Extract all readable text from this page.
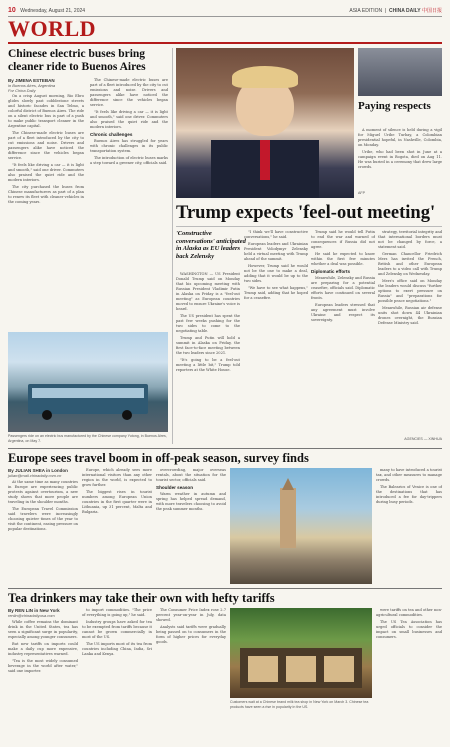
10 Wednesday, August 21, 2024	ASIA EDITION  |  CHINA DAILY 中国日报
WORLD
Chinese electric buses bring cleaner ride to Buenos Aires
By JIMENA ESTEBAN
in Buenos Aires, Argentina
For China Daily

On a crisp August morning, Rio Ebro glides slowly past cobblestone streets and historic facades in San Telmo, a colorful district of Buenos Aires. The ride on a silent electric bus is part of a push to make public transport cleaner in the Argentine capital.

The Chinese-made electric buses are part of a fleet introduced by the city to cut emissions and noise. Drivers and passengers alike have noticed the difference since the vehicles began service.

"It feels like driving a car — it is light and smooth," said one driver. Commuters also praised the quiet ride and the modern interiors.

The city purchased the buses from Chinese manufacturers as part of a plan to renew its fleet with cleaner vehicles in the coming years.

The Chinese-made electric buses are part of a fleet introduced by the city to cut emissions and noise. Drivers and passengers alike have noticed the difference since the vehicles began service.

"It feels like driving a car — it is light and smooth," said one driver. Commuters also praised the quiet ride and the modern interiors.

Chronic challenges

Buenos Aires has struggled for years with chronic challenges in its public transportation system.

The introduction of electric buses marks a step toward a greener city, officials said.

Passengers ride on an electric bus manufactured by the Chinese company Yutong, in Buenos Aires, Argentina, on May 7.
Paying respects

A moment of silence is held during a vigil for Miguel Uribe Turbay, a Colombian presidential hopeful, in Nashville, Colombia, on Monday.

Uribe, who had been shot in June at a campaign event in Bogota, died on Aug 11. He was buried in a ceremony that drew large crowds.

AFP
Trump expects 'feel-out meeting'
'Constructive conversations' anticipated in Alaska as EU leaders back Zelensky

WASHINGTON — US President Donald Trump said on Monday that his upcoming meeting with Russian President Vladimir Putin in Alaska on Friday is a "feel-out meeting" as European countries moved to ensure Ukraine's voice is heard.

The US president has spent the past few weeks pushing for the two sides to come to the negotiating table.

Trump and Putin will hold a summit in Alaska on Friday, the first face-to-face meeting between the two leaders since 2021.

"It's going to be a feel-out meeting a little bit," Trump told reporters at the White House.

"I think we'll have constructive conversations," he said.

European leaders and Ukrainian President Volodymyr Zelensky held a virtual meeting with Trump ahead of the summit.

However, Trump said he would not be the one to make a deal, adding that it would be up to the two sides.

"We have to see what happens," Trump said, adding that he hoped for a ceasefire.

Trump said he would tell Putin to end the war and warned of consequences if Russia did not agree.

He said he expected to know within the first few minutes whether a deal was possible.

Diplomatic efforts

Meanwhile, Zelensky and Russia are preparing for a potential ceasefire, officials said. Diplomatic efforts have continued on several fronts.

European leaders stressed that any agreement must involve Ukraine and respect its sovereignty.

strategy, territorial integrity and that international borders must not be changed by force, a statement said.

German Chancellor Friedrich Merz has invited the French, British and other European leaders to a video call with Trump and Zelensky on Wednesday.

Merz's office said on Monday the leaders would discuss "further options to exert pressure on Russia" and "preparations for possible peace negotiations."

Meanwhile, Russian air defense units shot down 44 Ukrainian drones overnight, the Russian Defense Ministry said.

AGENCIES — XINHUA
Europe sees travel boom in off-peak season, survey finds
By JULIAN SHEA in London
julian@mail.chinadaily.com.cn

At the same time as many countries in Europe are experiencing public protests against overtourism, a new study shows that more people are traveling in the shoulder months.

The European Travel Commission said travelers were increasingly choosing quieter times of the year to visit the continent, easing pressure on popular destinations.

Europe, which already sees more international visitors than any other region in the world, is expected to grow further.

The biggest rises in tourist numbers among European Union countries in the first quarter were in Lithuania, up 31 percent, Malta and Bulgaria.

overcrowding, major overseas rentals, about the situation for the tourist sector, officials said.

Shoulder season

Warm weather in autumn and spring has helped spread demand, with more travelers choosing to avoid the peak summer months.

many to have introduced a tourist tax, and other measures to manage crowds.

The Balearics of Venice is one of the destinations that has introduced a fee for day-trippers during busy periods.

Tea drinkers may take their own with hefty tariffs
By REN LIN in New York
renlin@chinadailyusa.com

While coffee remains the dominant drink in the United States, tea has seen a significant surge in popularity, especially among younger consumers.

But new tariffs on imports could make a daily cup more expensive, industry representatives warned.

"Tea is the most widely consumed beverage in the world after water," said one importer.

to import commodities. "The price of everything is going up," he said.

Industry groups have asked for tea to be exempted from tariffs because it cannot be grown commercially in most of the US.

The US imports most of its tea from countries including China, India, Sri Lanka and Kenya.

The Consumer Price Index rose 2.7 percent year-on-year in July, data showed.

Analysts said tariffs were gradually being passed on to consumers in the form of higher prices for everyday goods.

Customers wait at a Chinese brand milk tea shop in New York on March 3. Chinese tea products have seen a rise in popularity in the US.

were tariffs on tea and other non-agricultural commodities.

The US Tea Association has urged officials to consider the impact on small businesses and consumers.
